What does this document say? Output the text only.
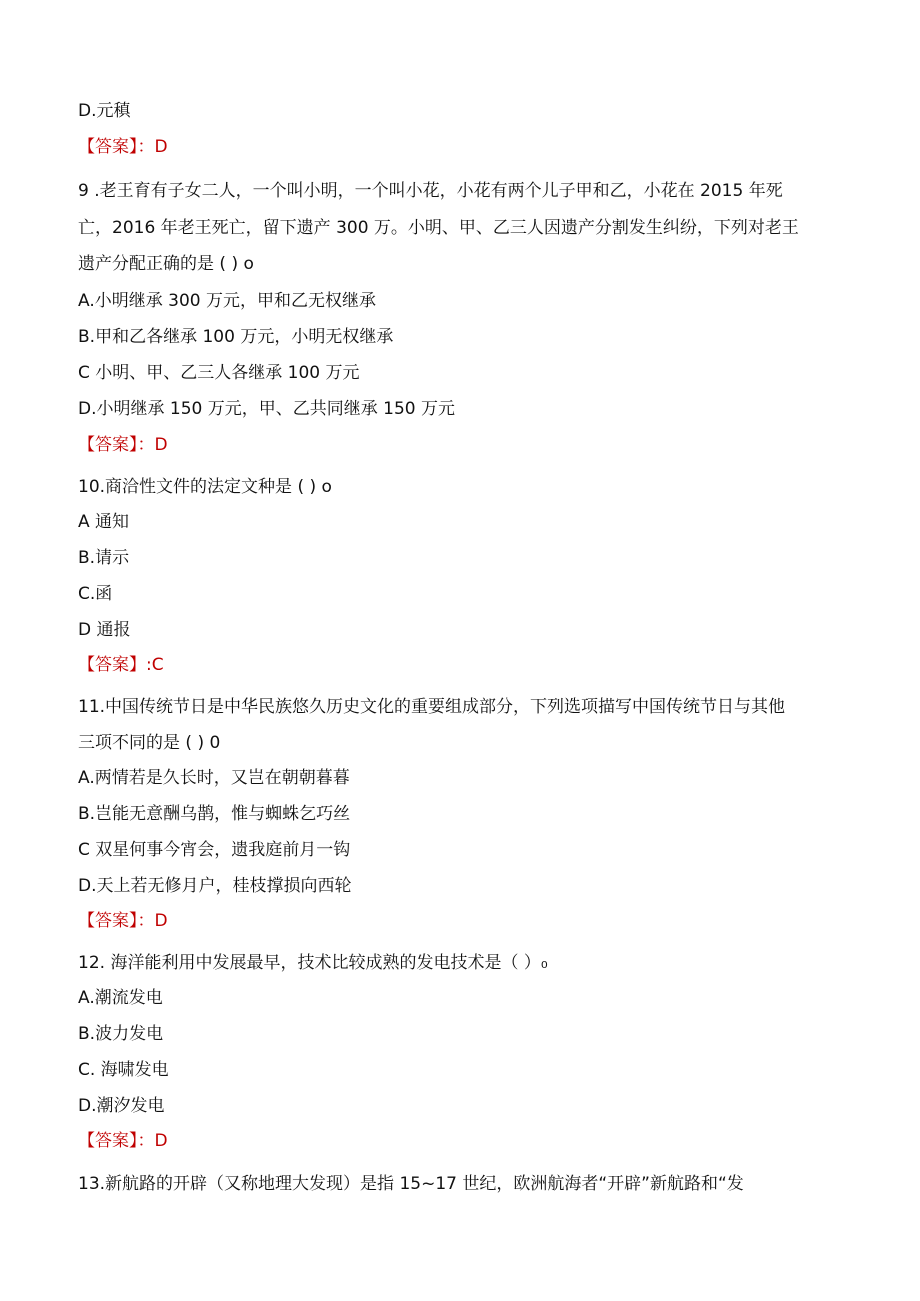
D.元稹
【答案】：D
9 .老王育有子女二人，一个叫小明，一个叫小花，小花有两个儿子甲和乙，小花在 2015 年死
亡，2016 年老王死亡，留下遗产 300 万。小明、甲、乙三人因遗产分割发生纠纷，下列对老王
遗产分配正确的是 ( ) o
A.小明继承 300 万元，甲和乙无权继承
B.甲和乙各继承 100 万元，小明无权继承
C 小明、甲、乙三人各继承 100 万元
D.小明继承 150 万元，甲、乙共同继承 150 万元
【答案】：D
10.商洽性文件的法定文种是 ( ) o
A 通知
B.请示
C.函
D 通报
【答案】:C
11.中国传统节日是中华民族悠久历史文化的重要组成部分，下列选项描写中国传统节日与其他
三项不同的是 ( ) 0
A.两情若是久长时，又岂在朝朝暮暮
B.岂能无意酬乌鹊，惟与蜘蛛乞巧丝
C 双星何事今宵会，遗我庭前月一钩
D.天上若无修月户，桂枝撑损向西轮
【答案】：D
12. 海洋能利用中发展最早，技术比较成熟的发电技术是（ ）₀
A.潮流发电
B.波力发电
C. 海啸发电
D.潮汐发电
【答案】：D
13.新航路的开辟（又称地理大发现）是指 15~17 世纪，欧洲航海者“开辟”新航路和“发
